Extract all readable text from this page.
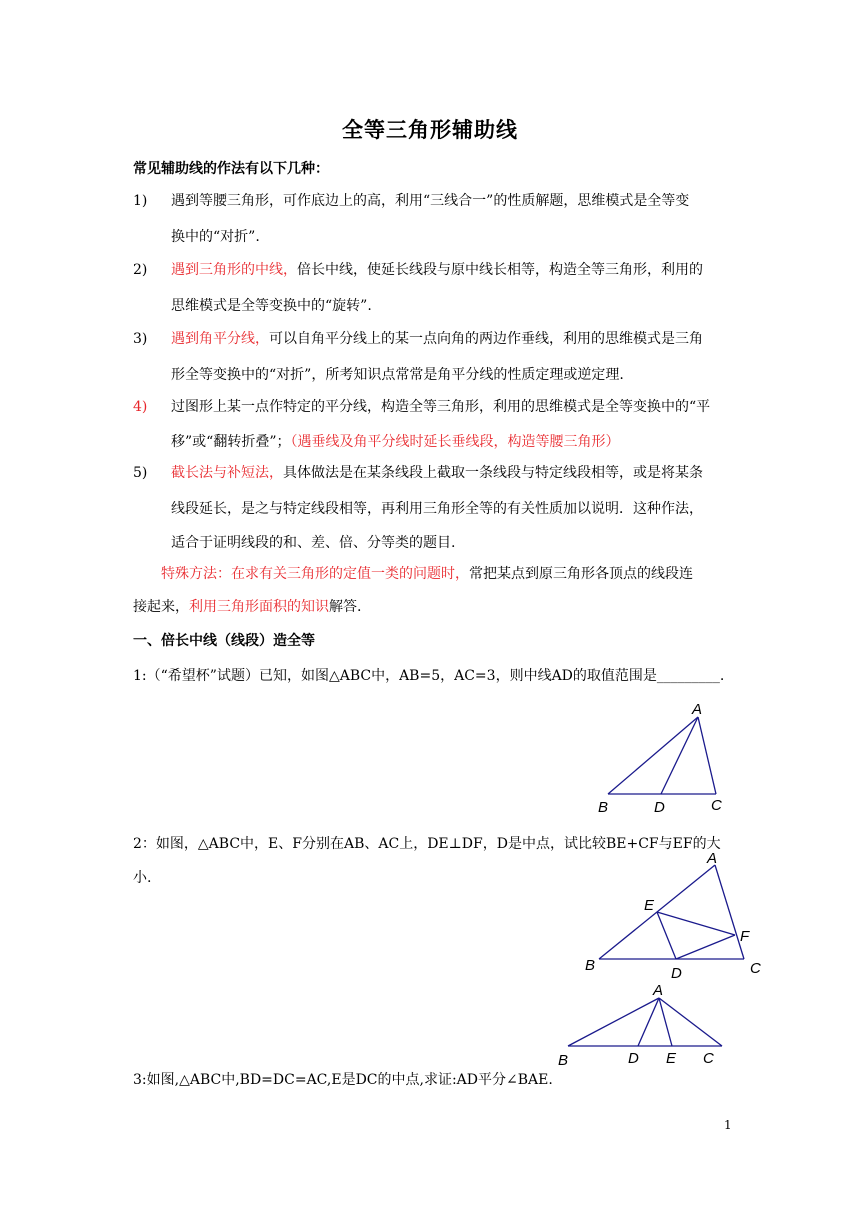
全等三角形辅助线
常见辅助线的作法有以下几种：
1) 遇到等腰三角形，可作底边上的高，利用“三线合一”的性质解题，思维模式是全等变
换中的“对折”.
2) 遇到三角形的中线，倍长中线，使延长线段与原中线长相等，构造全等三角形，利用的
思维模式是全等变换中的“旋转”.
3) 遇到角平分线，可以自角平分线上的某一点向角的两边作垂线，利用的思维模式是三角
形全等变换中的“对折”，所考知识点常常是角平分线的性质定理或逆定理.
4) 过图形上某一点作特定的平分线，构造全等三角形，利用的思维模式是全等变换中的“平
移”或“翻转折叠”；（遇垂线及角平分线时延长垂线段，构造等腰三角形）
5) 截长法与补短法，具体做法是在某条线段上截取一条线段与特定线段相等，或是将某条
线段延长，是之与特定线段相等，再利用三角形全等的有关性质加以说明．这种作法，
适合于证明线段的和、差、倍、分等类的题目.
特殊方法：在求有关三角形的定值一类的问题时，常把某点到原三角形各顶点的线段连
接起来，利用三角形面积的知识解答.
一、倍长中线（线段）造全等
1:（“希望杯”试题）已知，如图△ABC中，AB=5，AC=3，则中线AD的取值范围是_________.
A
B	D	C
2：如图，△ABC中，E、F分别在AB、AC上，DE⊥DF，D是中点，试比较BE+CF与EF的大
小.
A
E
F
B	D	C
A
B	D E C
3:如图,△ABC中,BD=DC=AC,E是DC的中点,求证:AD平分∠BAE.
1
